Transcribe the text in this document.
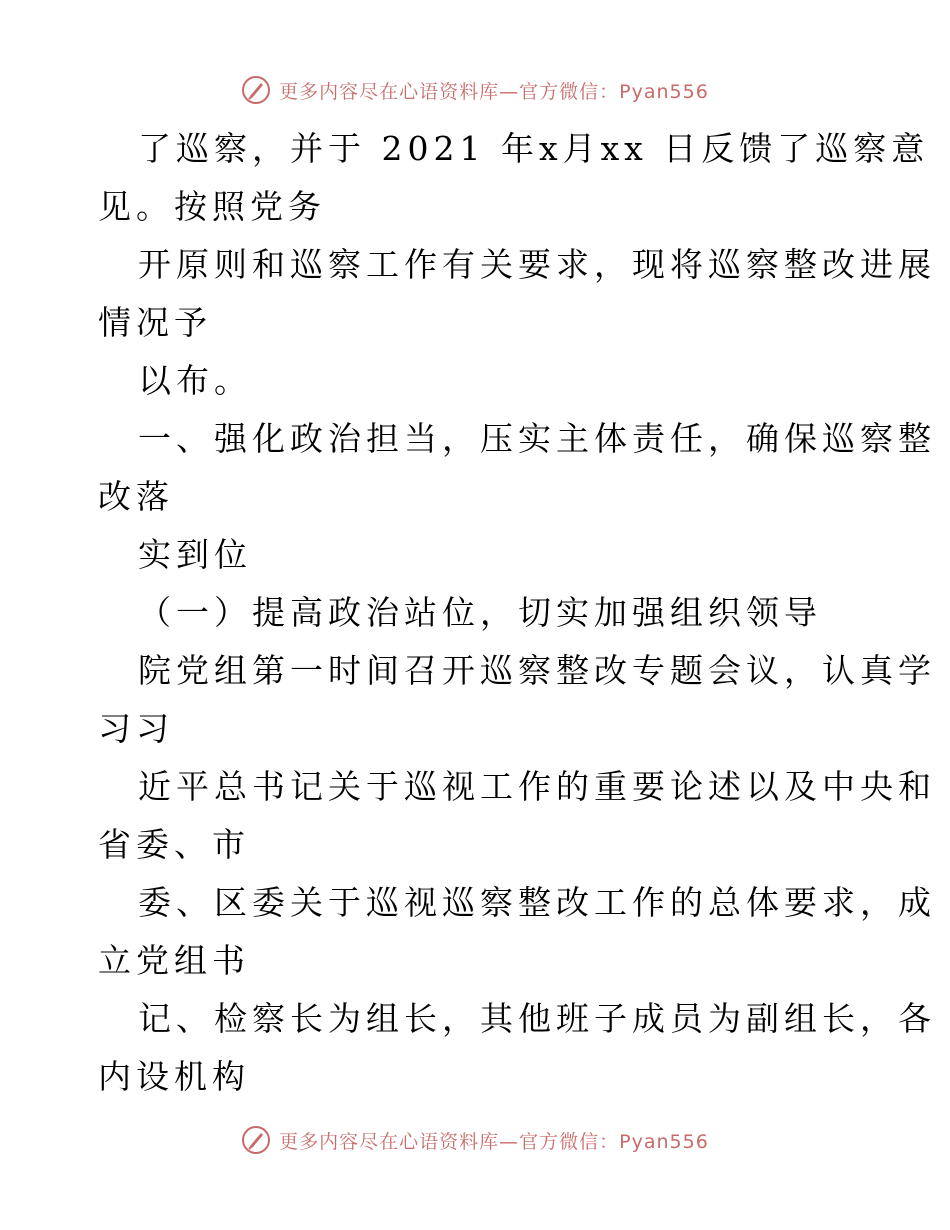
更多内容尽在心语资料库—官方微信：Pyan556
了巡察，并于 2021 年x月xx 日反馈了巡察意
见。按照党务
开原则和巡察工作有关要求，现将巡察整改进展
情况予
以布。
一、强化政治担当，压实主体责任，确保巡察整
改落
实到位
（一）提高政治站位，切实加强组织领导
院党组第一时间召开巡察整改专题会议，认真学
习习
近平总书记关于巡视工作的重要论述以及中央和
省委、市
委、区委关于巡视巡察整改工作的总体要求，成
立党组书
记、检察长为组长，其他班子成员为副组长，各
内设机构
更多内容尽在心语资料库—官方微信：Pyan556
